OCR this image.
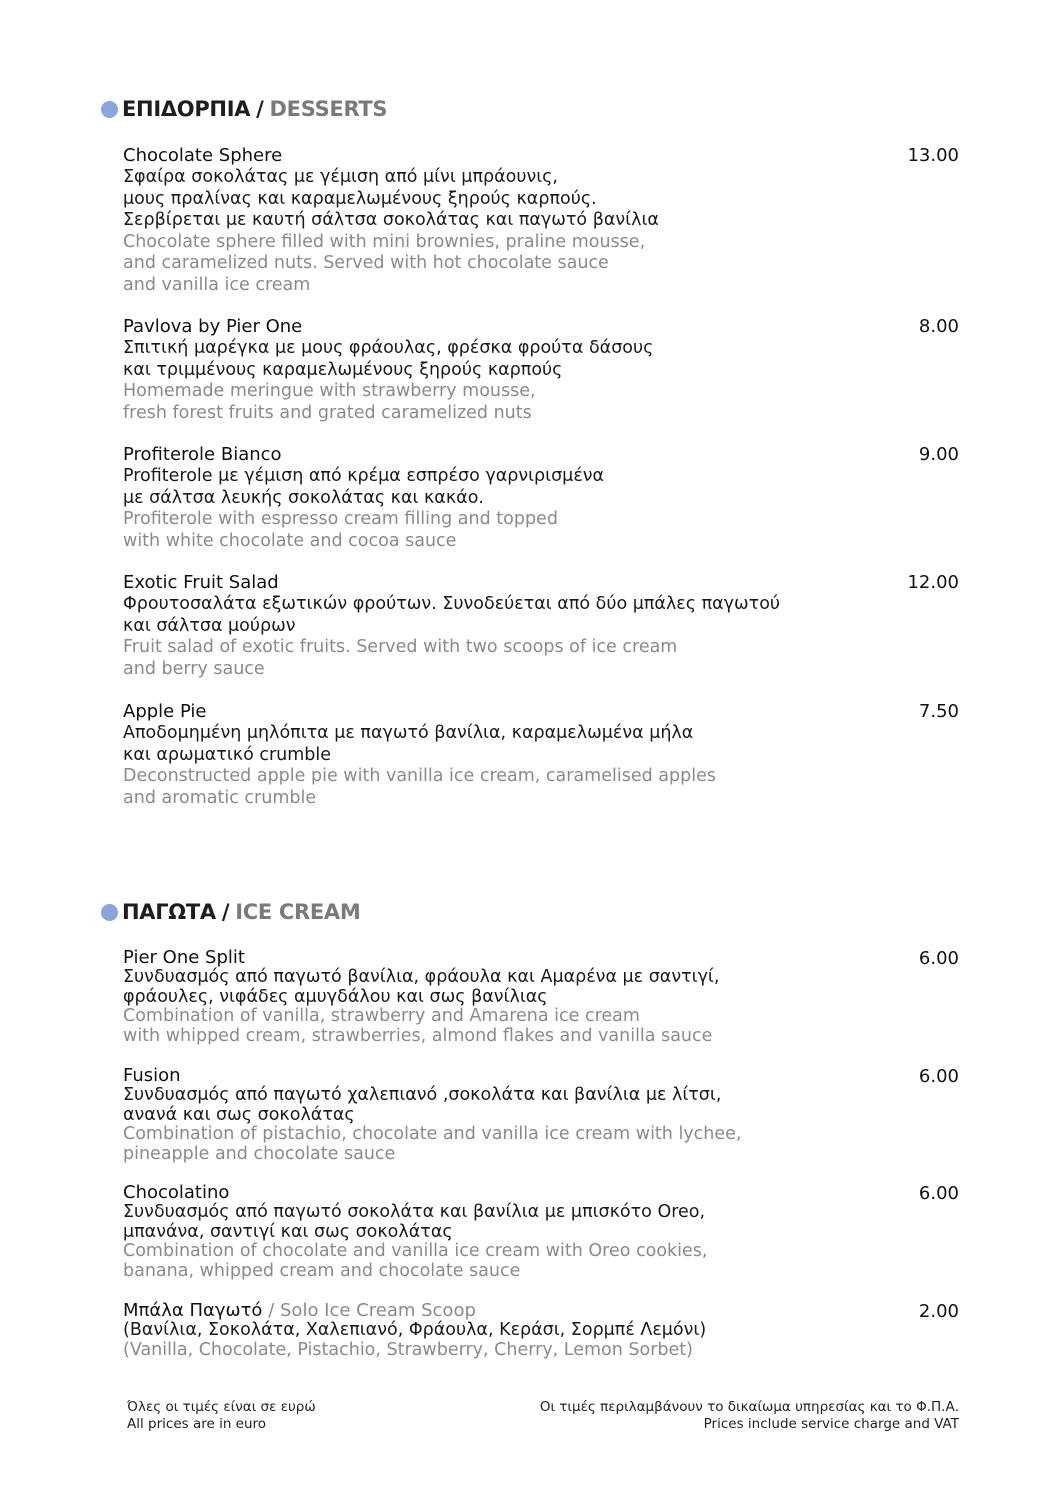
ΕΠΙΔΟΡΠΙΑ / DESSERTS
Chocolate Sphere	13.00
Σφαίρα σοκολάτας με γέμιση από μίνι μπράουνις,
μους πραλίνας και καραμελωμένους ξηρούς καρπούς.
Σερβίρεται με καυτή σάλτσα σοκολάτας και παγωτό βανίλια
Chocolate sphere filled with mini brownies, praline mousse,
and caramelized nuts. Served with hot chocolate sauce
and vanilla ice cream
Pavlova by Pier One	8.00
Σπιτική μαρέγκα με μους φράουλας, φρέσκα φρούτα δάσους
και τριμμένους καραμελωμένους ξηρούς καρπούς
Homemade meringue with strawberry mousse,
fresh forest fruits and grated caramelized nuts
Profiterole Bianco	9.00
Profiterole με γέμιση από κρέμα εσπρέσο γαρνιρισμένα
με σάλτσα λευκής σοκολάτας και κακάο.
Profiterole with espresso cream filling and topped
with white chocolate and cocoa sauce
Exotic Fruit Salad	12.00
Φρουτοσαλάτα εξωτικών φρούτων. Συνοδεύεται από δύο μπάλες παγωτού
και σάλτσα μούρων
Fruit salad of exotic fruits. Served with two scoops of ice cream
and berry sauce
Apple Pie	7.50
Αποδομημένη μηλόπιτα με παγωτό βανίλια, καραμελωμένα μήλα
και αρωματικό crumble
Deconstructed apple pie with vanilla ice cream, caramelised apples
and aromatic crumble
ΠΑΓΩΤΑ / ICE CREAM
Pier One Split	6.00
Συνδυασμός από παγωτό βανίλια, φράουλα και Αμαρένα με σαντιγί,
φράουλες, νιφάδες αμυγδάλου και σως βανίλιας
Combination of vanilla, strawberry and Amarena ice cream
with whipped cream, strawberries, almond flakes and vanilla sauce
Fusion	6.00
Συνδυασμός από παγωτό χαλεπιανό ,σοκολάτα και βανίλια με λίτσι,
ανανά και σως σοκολάτας
Combination of pistachio, chocolate and vanilla ice cream with lychee,
pineapple and chocolate sauce
Chocolatino	6.00
Συνδυασμός από παγωτό σοκολάτα και βανίλια με μπισκότο Oreo,
μπανάνα, σαντιγί και σως σοκολάτας
Combination of chocolate and vanilla ice cream with Oreo cookies,
banana, whipped cream and chocolate sauce
Μπάλα Παγωτό / Solo Ice Cream Scoop	2.00
(Βανίλια, Σοκολάτα, Χαλεπιανό, Φράουλα, Κεράσι, Σορμπέ Λεμόνι)
(Vanilla, Chocolate, Pistachio, Strawberry, Cherry, Lemon Sorbet)
Όλες οι τιμές είναι σε ευρώ
All prices are in euro
Οι τιμές περιλαμβάνουν το δικαίωμα υπηρεσίας και το Φ.Π.Α.
Prices include service charge and VAT
